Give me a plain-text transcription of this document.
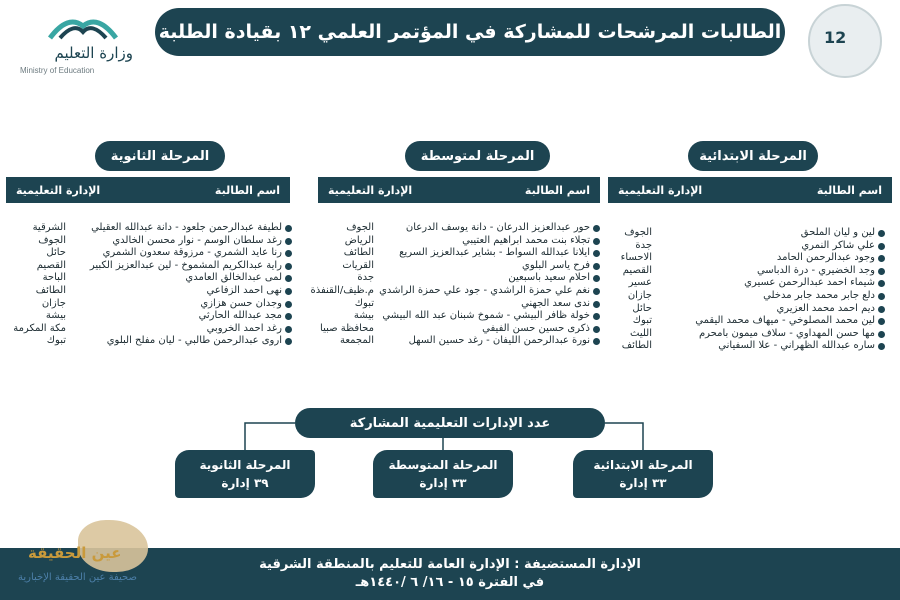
12
الطالبات المرشحات للمشاركة في المؤتمر العلمي ١٢ بقيادة الطلبة
وزارة التعليم
Ministry of Education
المرحلة الابتدائية
اسم الطالبة
الإدارة التعليمية
لين و ليان الملحق
علي شاكر النمري
وجود عبدالرحمن الحامد
وجد الخضيري - درة الدباسي
شيماء احمد عبدالرحمن عسيري
دلع جابر محمد جابر مدخلي
ديم احمد محمد العزيري
لين محمد المصلوخي - ميهاف محمد اليقمي
مها حسن المهداوي - سلاف ميمون بامحرم
ساره عبدالله الظهراني - علا السفياني
الجوف
جدة
الاحساء
القصيم
عسير
جازان
حائل
تبوك
الليث
الطائف
المرحلة لمتوسطة
اسم الطالبة
الإدارة التعليمية
حور عبدالعزيز الدرعان - دانة يوسف الدرعان
تجلاء بنت محمد ابراهيم العتيبي
ايلانا عبدالله السواط - بشاير عبدالعزيز السريع
فرح ياسر البلوي
احلام سعيد باسبعين
نغم علي حمزة الراشدي - جود علي حمزة الراشدي
ندى سعد الجهني
خولة ظافر البيشي - شموخ شبنان عبد الله البيشي
ذكرى حسين حسن الفيفي
نورة عبدالرحمن الليفان - رغد حسين السهل
الجوف
الرياض
الطائف
القريات
جدة
م.ظيف/القنفذة
تبوك
بيشة
محافظة صبيا
المجمعة
المرحلة الثانوية
اسم الطالبة
الإدارة التعليمية
لطيفة عبدالرحمن جلعود - دانة عبدالله العقيلي
رغد سلطان الوسم - نوار محسن الخالدي
رنا عايد الشمري - مرزوقة سعدون الشمري
راية عبدالكريم المشموخ - لين عبدالعزيز الكبير
لمى عبدالخالق العامدي
نهى احمد الزفاعي
وجدان حسن هزازي
مجد عبدالله الحارثي
رغد احمد الخروبي
اروى عبدالرحمن طالبي - ليان مفلح البلوي
الشرقية
الجوف
حائل
القصيم
الباحة
الطائف
جازان
بيشة
مكة المكرمة
تبوك
عدد الإدارات التعليمية المشاركة
المرحلة الابتدائية
٣٣ إدارة
المرحلة المتوسطة
٣٣ إدارة
المرحلة الثانوية
٣٩ إدارة
الإدارة المستضيفة : الإدارة العامة للتعليم بالمنطقة الشرقية
في الفترة ١٥ - ١٦/ ٦ /١٤٤٠هـ
عين الحقيقة
صحيفة عين الحقيقة الإخبارية
